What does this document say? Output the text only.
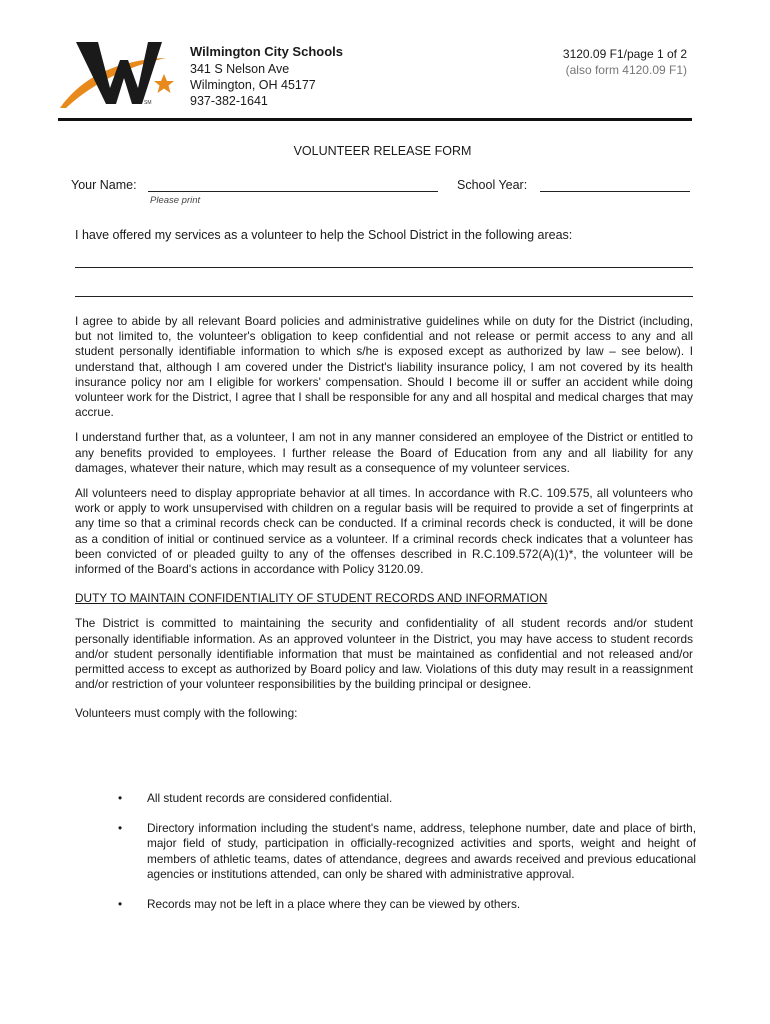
SM
Wilmington City Schools
341 S Nelson Ave
Wilmington, OH 45177
937-382-1641
3120.09 F1/page 1 of 2
(also form 4120.09 F1)
VOLUNTEER RELEASE FORM
Your Name:
Please print
School Year:
I have offered my services as a volunteer to help the School District in the following areas:

I agree to abide by all relevant Board policies and administrative guidelines while on duty for the District (including, but not limited to, the volunteer's obligation to keep confidential and not release or permit access to any and all student personally identifiable information to which s/he is exposed except as authorized by law – see below). I understand that, although I am covered under the District's liability insurance policy, I am not covered by its health insurance policy nor am I eligible for workers' compensation. Should I become ill or suffer an accident while doing volunteer work for the District, I agree that I shall be responsible for any and all hospital and medical charges that may accrue.

I understand further that, as a volunteer, I am not in any manner considered an employee of the District or entitled to any benefits provided to employees. I further release the Board of Education from any and all liability for any damages, whatever their nature, which may result as a consequence of my volunteer services.

All volunteers need to display appropriate behavior at all times. In accordance with R.C. 109.575, all volunteers who work or apply to work unsupervised with children on a regular basis will be required to provide a set of fingerprints at any time so that a criminal records check can be conducted. If a criminal records check is conducted, it will be done as a condition of initial or continued service as a volunteer. If a criminal records check indicates that a volunteer has been convicted of or pleaded guilty to any of the offenses described in R.C.109.572(A)(1)*, the volunteer will be informed of the Board's actions in accordance with Policy 3120.09.

DUTY TO MAINTAIN CONFIDENTIALITY OF STUDENT RECORDS AND INFORMATION

The District is committed to maintaining the security and confidentiality of all student records and/or student personally identifiable information. As an approved volunteer in the District, you may have access to student records and/or student personally identifiable information that must be maintained as confidential and not released and/or permitted access to except as authorized by Board policy and law. Violations of this duty may result in a reassignment and/or restriction of your volunteer responsibilities by the building principal or designee.

Volunteers must comply with the following:

• All student records are considered confidential.
• Directory information including the student's name, address, telephone number, date and place of birth, major field of study, participation in officially-recognized activities and sports, weight and height of members of athletic teams, dates of attendance, degrees and awards received and previous educational agencies or institutions attended, can only be shared with administrative approval.
• Records may not be left in a place where they can be viewed by others.
